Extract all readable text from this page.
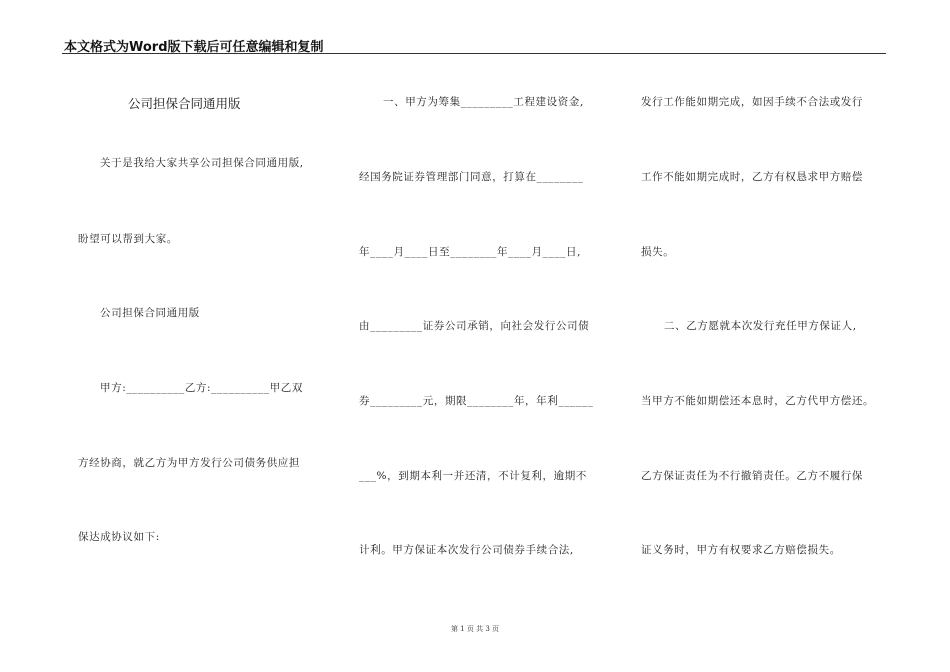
本文格式为Word版下载后可任意编辑和复制
公司担保合同通用版
关于是我给大家共享公司担保合同通用版,
盼望可以帮到大家。
公司担保合同通用版
甲方:__________乙方:__________甲乙双
方经协商，就乙方为甲方发行公司债务供应担
保达成协议如下:
一、甲方为筹集_________工程建设资金,
经国务院证券管理部门同意，打算在________
年____月____日至________年____月____日,
由_________证券公司承销，向社会发行公司债
券_________元，期限________年，年利______
___%，到期本利一并还清，不计复利，逾期不
计利。甲方保证本次发行公司债券手续合法,
发行工作能如期完成，如因手续不合法或发行
工作不能如期完成时，乙方有权恳求甲方赔偿
损失。
二、乙方愿就本次发行充任甲方保证人,
当甲方不能如期偿还本息时，乙方代甲方偿还。
乙方保证责任为不行撤销责任。乙方不履行保
证义务时，甲方有权要求乙方赔偿损失。
第 1 页 共 3 页
